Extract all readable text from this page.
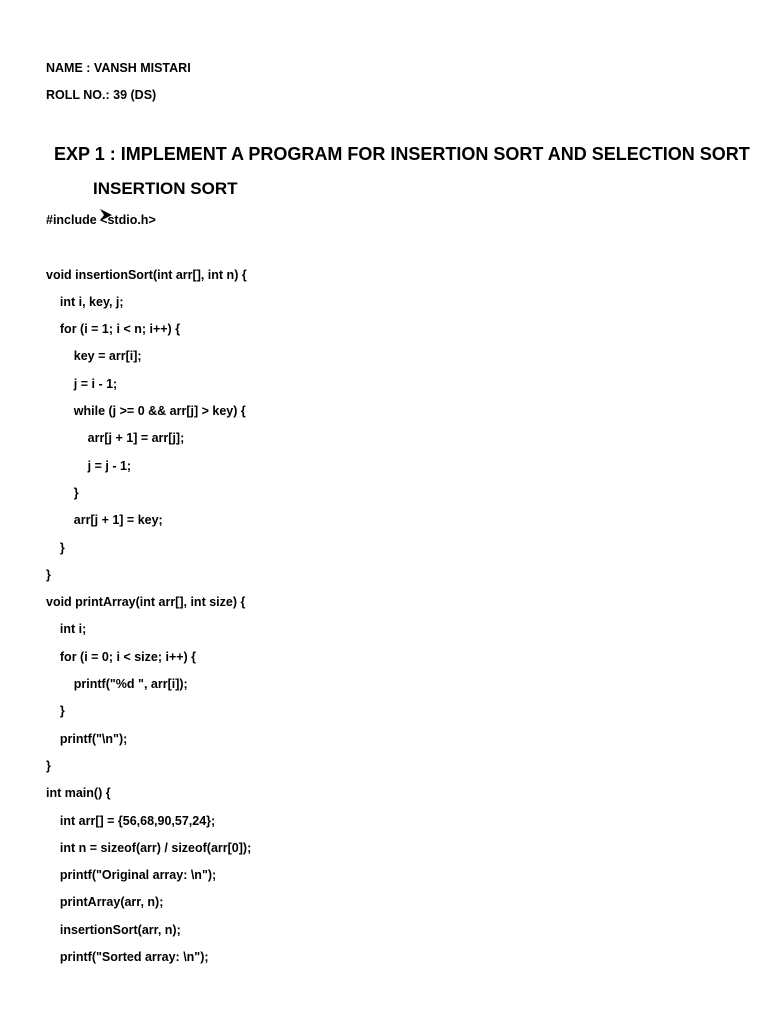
NAME : VANSH MISTARI
ROLL NO.: 39 (DS)
EXP 1 : IMPLEMENT A PROGRAM FOR INSERTION SORT AND SELECTION SORT

INSERTION SORT
#include <stdio.h>
void insertionSort(int arr[], int n) {
int i, key, j;
for (i = 1; i < n; i++) {
key = arr[i];
j = i - 1;
while (j >= 0 && arr[j] > key) {
arr[j + 1] = arr[j];
j = j - 1;
}
arr[j + 1] = key;
}
}
void printArray(int arr[], int size) {
int i;
for (i = 0; i < size; i++) {
printf("%d ", arr[i]);
}
printf("\n");
}
int main() {
int arr[] = {56,68,90,57,24};
int n = sizeof(arr) / sizeof(arr[0]);
printf("Original array: \n");
printArray(arr, n);
insertionSort(arr, n);
printf("Sorted array: \n");
